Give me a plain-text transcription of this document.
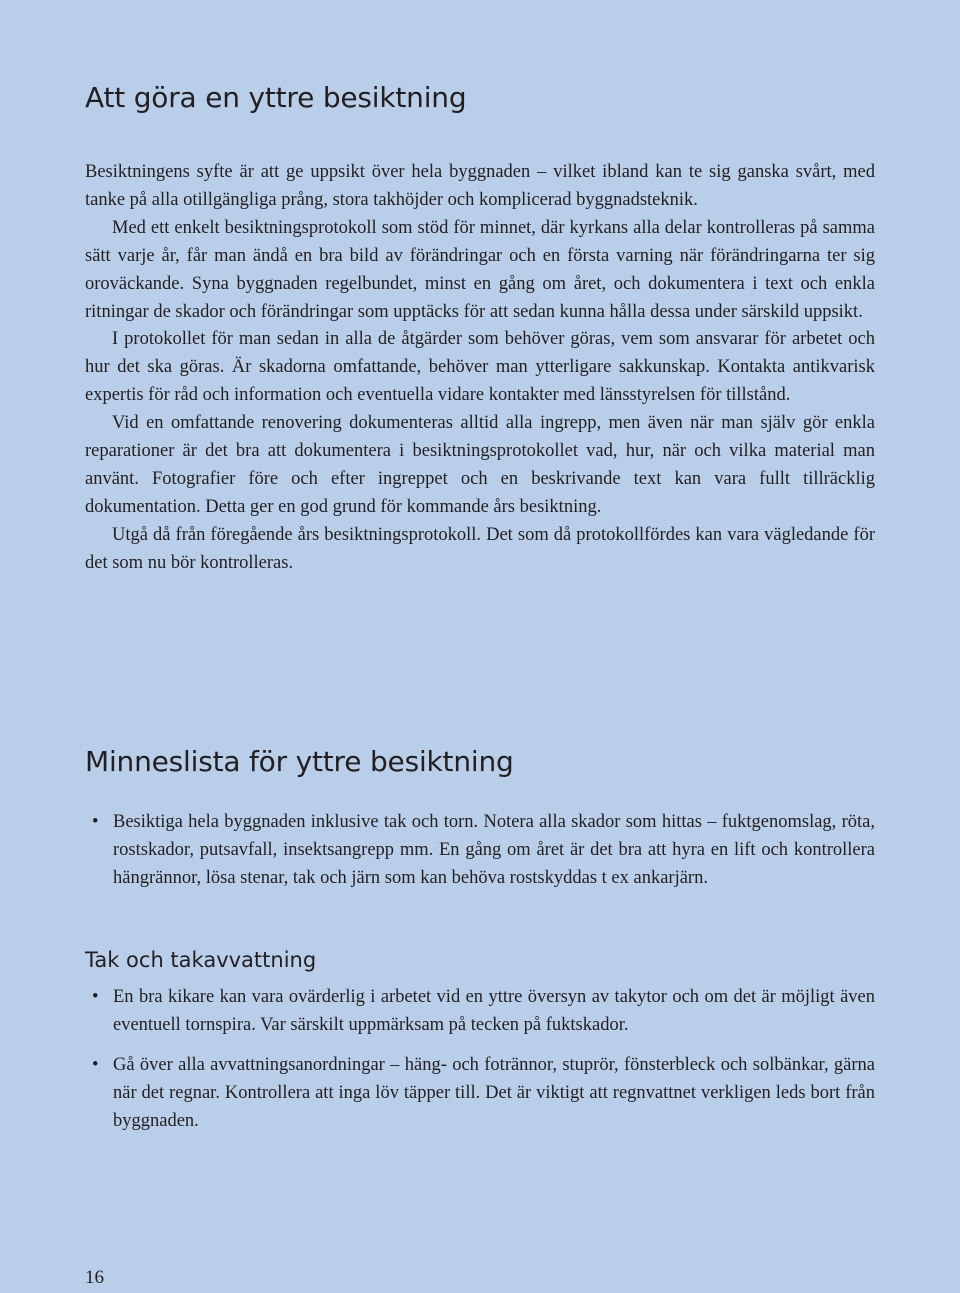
Att göra en yttre besiktning

Besiktningens syfte är att ge uppsikt över hela byggnaden – vilket ibland kan te sig ganska svårt, med tanke på alla otillgängliga prång, stora takhöjder och komplicerad byggnadsteknik.

Med ett enkelt besiktningsprotokoll som stöd för minnet, där kyrkans alla delar kontrolleras på samma sätt varje år, får man ändå en bra bild av förändringar och en första varning när förändringarna ter sig oroväckande. Syna byggnaden regelbundet, minst en gång om året, och dokumentera i text och enkla ritningar de skador och förändringar som upptäcks för att sedan kunna hålla dessa under särskild uppsikt.

I protokollet för man sedan in alla de åtgärder som behöver göras, vem som ansvarar för arbetet och hur det ska göras. Är skadorna omfattande, behöver man ytterligare sakkunskap. Kontakta antikvarisk expertis för råd och information och eventuella vidare kontakter med länsstyrelsen för tillstånd.

Vid en omfattande renovering dokumenteras alltid alla ingrepp, men även när man själv gör enkla reparationer är det bra att dokumentera i besiktningsprotokollet vad, hur, när och vilka material man använt. Fotografier före och efter ingreppet och en beskrivande text kan vara fullt tillräcklig dokumentation. Detta ger en god grund för kommande års besiktning.

Utgå då från föregående års besiktningsprotokoll. Det som då protokollfördes kan vara vägledande för det som nu bör kontrolleras.

Minneslista för yttre besiktning
• Besiktiga hela byggnaden inklusive tak och torn. Notera alla skador som hittas – fuktgenomslag, röta, rostskador, putsavfall, insektsangrepp mm. En gång om året är det bra att hyra en lift och kontrollera hängrännor, lösa stenar, tak och järn som kan behöva rostskyddas t ex ankarjärn.
Tak och takavvattning
• En bra kikare kan vara ovärderlig i arbetet vid en yttre översyn av takytor och om det är möjligt även eventuell tornspira. Var särskilt uppmärksam på tecken på fuktskador.
• Gå över alla avvattningsanordningar – häng- och fotrännor, stuprör, fönsterbleck och solbänkar, gärna när det regnar. Kontrollera att inga löv täpper till. Det är viktigt att regnvattnet verkligen leds bort från byggnaden.
16
